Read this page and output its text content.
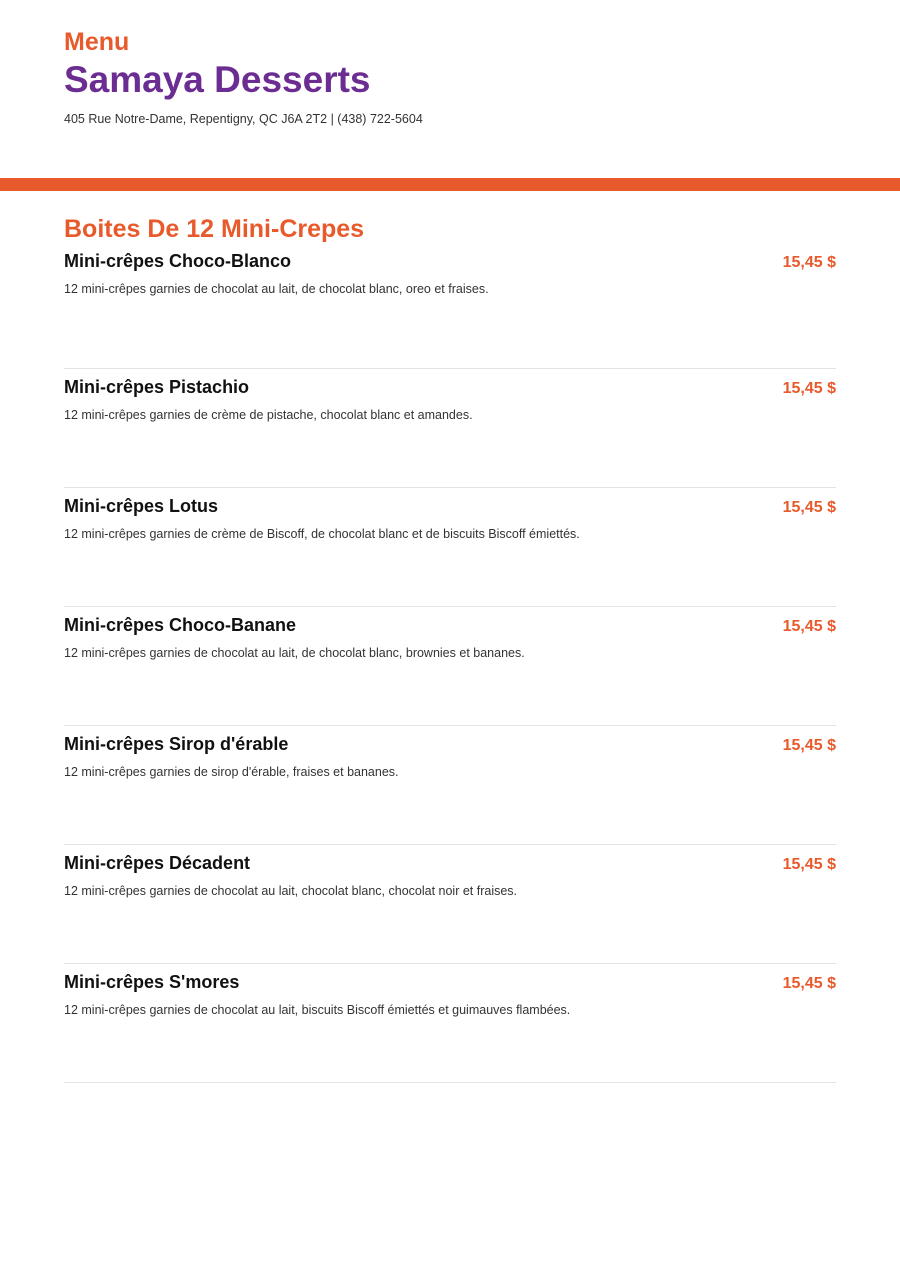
Menu
Samaya Desserts
405 Rue Notre-Dame, Repentigny, QC J6A 2T2 | (438) 722-5604
Boites De 12 Mini-Crepes
Mini-crêpes Choco-Blanco	15,45 $
12 mini-crêpes garnies de chocolat au lait, de chocolat blanc, oreo et fraises.
Mini-crêpes Pistachio	15,45 $
12 mini-crêpes garnies de crème de pistache, chocolat blanc et amandes.
Mini-crêpes Lotus	15,45 $
12 mini-crêpes garnies de crème de Biscoff, de chocolat blanc et de biscuits Biscoff émiettés.
Mini-crêpes Choco-Banane	15,45 $
12 mini-crêpes garnies de chocolat au lait, de chocolat blanc, brownies et bananes.
Mini-crêpes Sirop d'érable	15,45 $
12 mini-crêpes garnies de sirop d'érable, fraises et bananes.
Mini-crêpes Décadent	15,45 $
12 mini-crêpes garnies de chocolat au lait, chocolat blanc, chocolat noir et fraises.
Mini-crêpes S'mores	15,45 $
12 mini-crêpes garnies de chocolat au lait, biscuits Biscoff émiettés et guimauves flambées.
